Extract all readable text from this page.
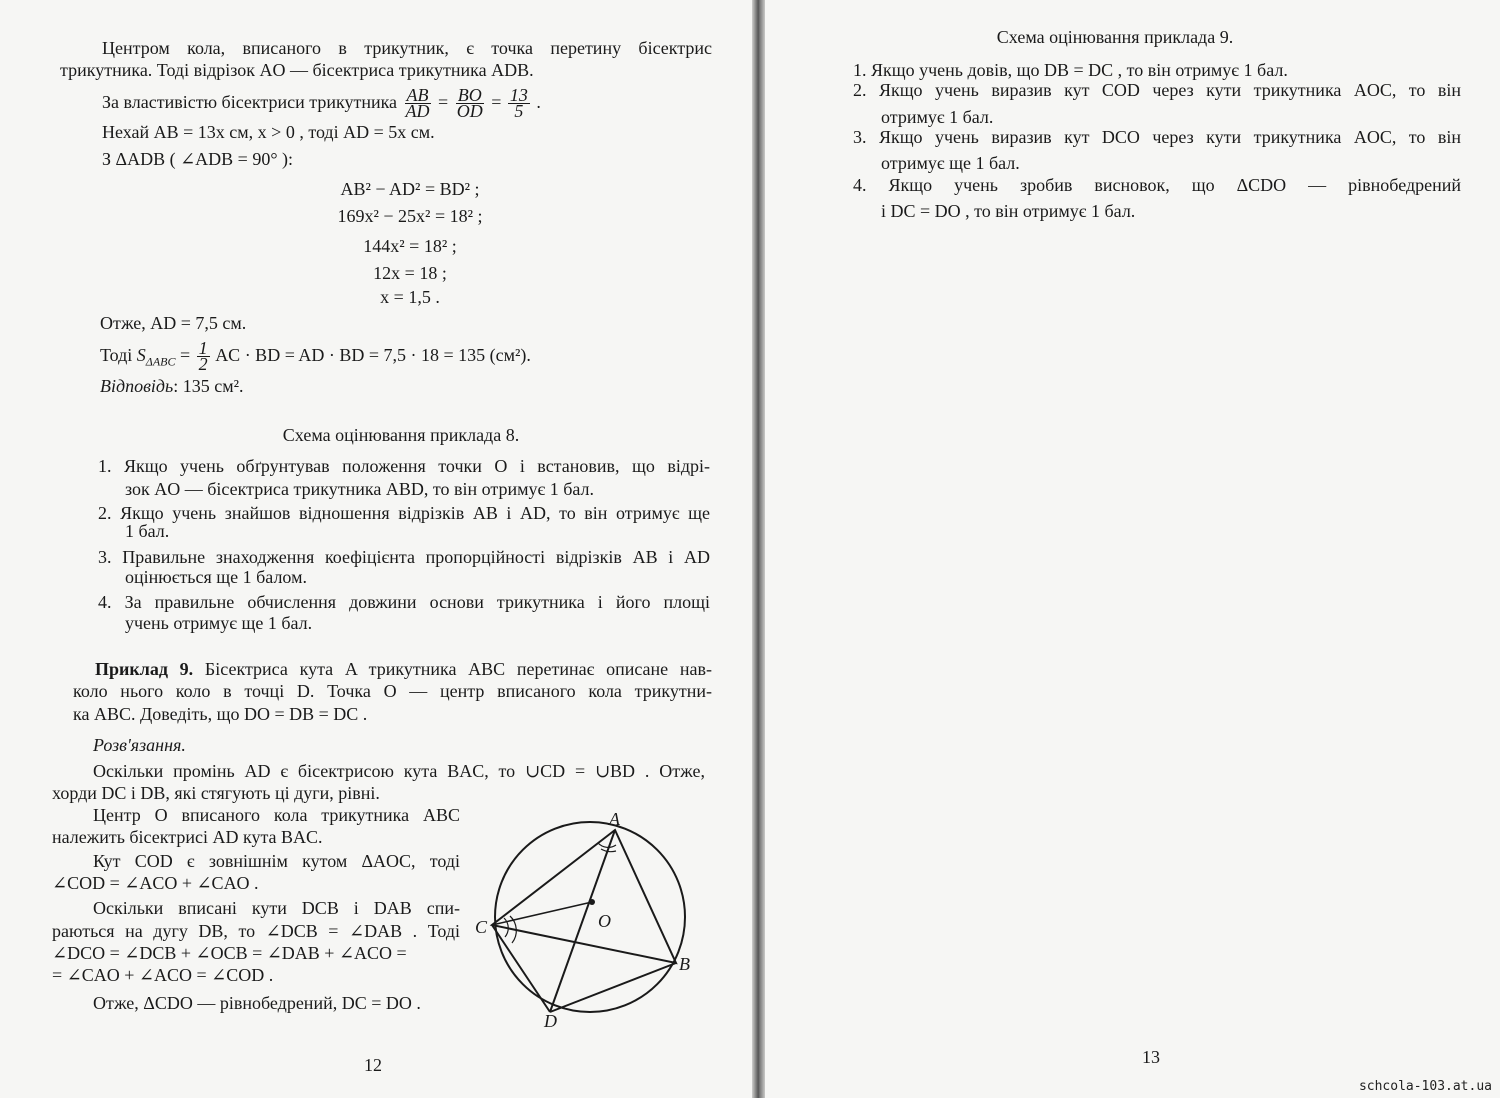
Центром кола, вписаного в трикутник, є точка перетину бісектрис
трикутника. Тоді відрізок AO — бісектриса трикутника ADB.
За властивістю бісектриси трикутника $\frac{AB}{AD} = \frac{BO}{OD} = \frac{13}{5}$ .
Нехай AB = 13x см, x > 0 , тоді AD = 5x см.
З ΔADB ( ∠ADB = 90° ):
AB² − AD² = BD² ;
169x² − 25x² = 18² ;
144x² = 18² ;
12x = 18 ;
x = 1,5 .
Отже, AD = 7,5 см.
Тоді $S_{\Delta ABC} = \frac{1}{2}$ AC · BD = AD · BD = 7,5 · 18 = 135 (см²).
Відповідь: 135 см².
Схема оцінювання приклада 8.
1. Якщо учень обґрунтував положення точки O і встановив, що відрі-
зок AO — бісектриса трикутника ABD, то він отримує 1 бал.
2. Якщо учень знайшов відношення відрізків AB і AD, то він отримує ще
1 бал.
3. Правильне знаходження коефіцієнта пропорційності відрізків AB і AD
оцінюється ще 1 балом.
4. За правильне обчислення довжини основи трикутника і його площі
учень отримує ще 1 бал.
Приклад 9. Бісектриса кута A трикутника ABC перетинає описане нав-
коло нього коло в точці D. Точка O — центр вписаного кола трикутни-
ка ABC. Доведіть, що DO = DB = DC .
Розв'язання.
Оскільки промінь AD є бісектрисою кута BAC, то ∪CD = ∪BD . Отже,
хорди DC і DB, які стягують ці дуги, рівні.
Центр O вписаного кола трикутника ABC
належить бісектрисі AD кута BAC.
Кут COD є зовнішнім кутом ΔAOC, тоді
∠COD = ∠ACO + ∠CAO .
Оскільки вписані кути DCB і DAB спи-
раються на дугу DB, то ∠DCB = ∠DAB . Тоді
∠DCO = ∠DCB + ∠OCB = ∠DAB + ∠ACO =
= ∠CAO + ∠ACO = ∠COD .
Отже, ΔCDO — рівнобедрений, DC = DO .
A
C
B
D
O
12
Схема оцінювання приклада 9.
1. Якщо учень довів, що DB = DC , то він отримує 1 бал.
2. Якщо учень виразив кут COD через кути трикутника AOC, то він
отримує 1 бал.
3. Якщо учень виразив кут DCO через кути трикутника AOC, то він
отримує ще 1 бал.
4. Якщо учень зробив висновок, що ΔCDO — рівнобедрений
і DC = DO , то він отримує 1 бал.
13
schcola-103.at.ua
